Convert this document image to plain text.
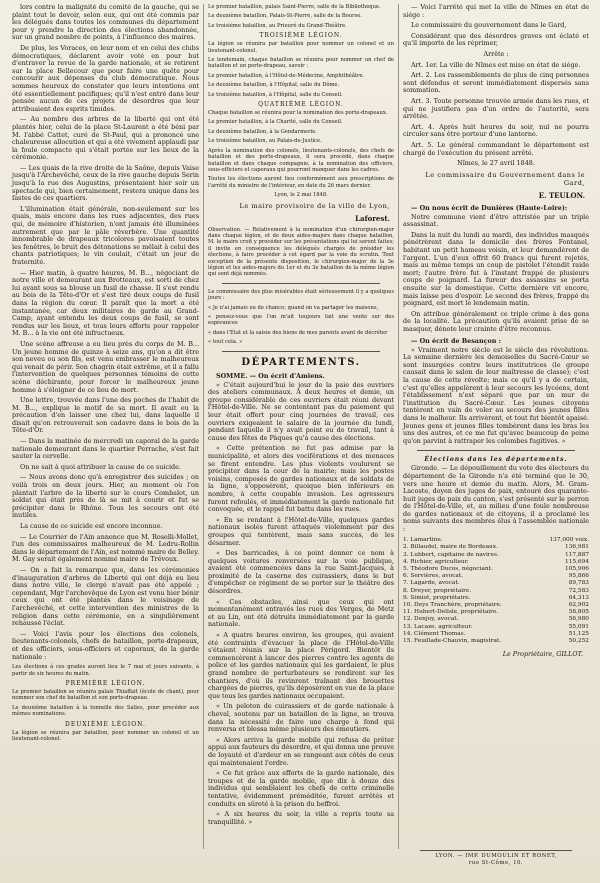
lors contre la malignité du comité de la gauche, qui se plaint tout le devoir, selon eux, qui ont été commis par les délégués dans toutes les communes du département pour y prendre la direction des élections abandonnée, sur un grand nombre de points, à l'influence des maires.

De plus, les Voraces, en leur nom et en celui des clubs démocratiques, déclarent avoir voté en pour but d'entraver la revue de la garde nationale, et se retirent sur la place Bellecour que pour faire une quête pour concourir aux dépenses du club démocratique. Nous sommes heureux de constater que leurs intentions ont été essentiellement pacifiques; qu'il n'est entré dans leur pensée aucun de ces projets de désordres que leur attribuaient des esprits timides.

— Au nombre des arbres de la liberté qui ont été plantés hier, celui de la place St-Laurent a été béni par M. l'abbé Cattet, curé de St-Paul, qui a prononcé une chaleureuse allocution et qui a été vivement applaudi par la foule compacte qui s'était portée sur les lieux de la cérémonie.

— Les quais de la rive droite de la Saône, depuis Vaise jusqu'à l'Archevêché, ceux de la rive gauche depuis Serin jusqu'à la rue des Augustins, présentaient hier soir un spectacle qui, bien certainement, restera unique dans les fastes de ces quartiers.

L'illumination était générale, non-seulement sur les quais, mais encore dans les rues adjacentes, des rues qui, de mémoire d'historien, n'ont jamais été illuminées autrement que par le pâle réverbère. Une quantité innombrable de drapeaux tricolores pavoisaient toutes les fenêtres, le bruit des détonations se mêlait à celui des chants patriotiques; le vin coulait, c'était un jour de fraternité.

— Hier matin, à quatre heures, M. B..., négociant de notre ville et demeurant aux Brotteaux, est sorti de chez lui ayant sous sa blouse un fusil de chasse. Il s'est rendu au bois de la Tête-d'Or et s'est tiré deux coups de fusil dans la région du cœur. Il paraît que la mort a été instantanée, car deux militaires de garde au Grand-Camp, ayant entendu les deux coups de fusil, se sont rendus sur les lieux, et tous leurs efforts pour rappeler M. B... à la vie ont été infructueux.

Une scène affreuse a eu lieu près du corps de M. B... Un jeune homme de quinze à seize ans, qu'on a dit être son neveu ou son fils, est venu embrasser le malheureux qui venait de périr. Son chagrin était extrême, et il a fallu l'intervention de quelques personnes témoins de cette scène déchirante, pour forcer le malheureux jeune homme à s'éloigner de ce lieu de mort.

Une lettre, trouvée dans l'une des poches de l'habit de M. B..., explique le motif de sa mort. Il avait eu la précaution d'en laisser une chez lui, dans laquelle il disait qu'on retrouverait son cadavre dans le bois de la Tête-d'Or.

— Dans la matinée de mercredi un caporal de la garde nationale demeurant dans le quartier Perrache, s'est fait sauter la cervelle.

On ne sait à quoi attribuer la cause de ce suicide.

— Nous avons donc qu'à enregistrer des suicides ; on voilà trois en deux jours. Hier, au moment où l'on plantait l'arbre de la liberté sur le cours Combalot, un soldat qui était près de là se mit à courir et fut se précipiter dans le Rhône. Tous les secours ont été inutiles.

La cause de ce suicide est encore inconnue.

— Le Courrier de l'Ain annonce que M. Roselli-Mollet, l'un des commissaires malheureux de M. Ledru-Rollin dans le département de l'Ain, est nommé maire de Belley. M. Gay serait également nommé maire de Trévoux.

— On a fait la remarque que, dans les cérémonies d'inauguration d'arbres de Liberté qui ont déjà eu lieu dans notre ville, le clergé n'avait pas été appelé ; cependant, Mgr l'archevêque de Lyon est venu hier bénir ceux qui ont été plantés dans le voisinage de l'archevêché, et cette intervention des ministres de la religion dans cette cérémonie, en a singulièrement rehaussé l'éclat.

— Voici l'avis pour les élections des colonels, lieutenants-colonels, chefs de bataillon, porte-drapeaux, et des officiers, sous-officiers et caporaux, de la garde nationale :

Les élections à ces grades auront lieu le 7 mai et jours suivants, à partir de six heures du matin.

PREMIÈRE LÉGION.

Le premier bataillon se réunira palais Thiaffait (école de chant), pour nommer son chef de bataillon et son porte-drapeau.

Le deuxième bataillon à la tonnelle des Salles, pour procéder aux mêmes nominations.

DEUXIÈME LÉGION.

La légion se réunira par bataillon, pour nommer un colonel et un lieutenant-colonel.

Le premier bataillon, palais Saint-Pierre, salle de la Bibliothèque.

Le deuxième bataillon, Palais-St-Pierre, salle de la Bourse.

Le troisième bataillon, au Prieuré du Grand-Théâtre.

TROISIÈME LÉGION.

La légion se réunira par bataillon pour nommer un colonel et un lieutenant-colonel.

Le lendemain, chaque bataillon se réunira pour nommer un chef de bataillon et un porte-drapeau, savoir :

Le premier bataillon, à l'Hôtel-de-Médecine, Amphithéâtre.

Le deuxième bataillon, à l'Hôpital, salle du Dôme.

Le troisième bataillon, à l'Hôpital, salle du Conseil.

QUATRIÈME LÉGION.

Chaque bataillon se réunira pour la nomination des porte-drapeaux.

Le premier bataillon, à la Charité, salle du Conseil.

Le deuxième bataillon, à la Gendarmerie.

Le troisième bataillon, au Palais-de-Justice.

Après la nomination des colonels, lieutenants-colonels, des chefs de bataillon et des porte-drapeaux, il sera procédé, dans chaque bataillon et dans chaque compagnie, à la nomination des officiers, sous-officiers et caporaux qui pourront manquer dans les cadres.

Toutes les élections auront lieu conformément aux prescriptions de l'arrêté du ministre de l'intérieur, en date du 26 mars dernier.

Lyon, le 2 mai 1848.

Le maire provisoire de la ville de Lyon,
Laforest.

Observation. — Relativement à la nomination d'un chirurgien-major dans chaque légion, et de deux aides-majors dans chaque bataillon, M. le maire croit y procéder sur les présentations qui lui seront faites; il invite en conséquence les délégués chargés de présider les élections, à faire procéder à cet égard par la voie du scrutin. Tout exception de la présente disposition, le chirurgien-major de la 3e légion et les aides-majors du 1er et du 3e bataillon de la même légion qui sont déjà nommés.

Le commissaire des plus misérables était sérieusement il y a quelques jours :

« Je n'ai jamais eu de chance; quand on va partager les maisons,

« pensez-vous que l'on m'ait toujours fait une vente sur des espérances

« dans l'État et la saisie des biens de mes parents avant de décréter

« tout cela. »

DÉPARTEMENTS.
SOMME. — On écrit d'Amiens.

« C'était aujourd'hui le jour de la paie des ouvriers des ateliers communaux. A deux heures et demie, un groupe considérable de ces ouvriers était réuni devant l'Hôtel-de-Ville. Ne se contentant pas du paiement qui leur était offert pour cinq journées de travail, ces ouvriers exigeaient le salaire de la journée du lundi, pendant laquelle il n'y avait point eu de travail, tant à cause des fêtes de Pâques qu'à cause des élections.

« Cette prétention ne fut pas admise par la municipalité, et alors des vociférations et des menaces se firent entendre. Les plus violents voulurent se précipiter dans la cour de la mairie; mais les postes voisins, composés de gardes nationaux et de soldats de la ligne, s'opposèrent, quoique bien inférieurs en nombre, à cette coupable invasion. Les agresseurs furent refoulés, et immédiatement la garde nationale fut convoquée, et le rappel fut battu dans les rues.

« En se rendant à l'Hôtel-de-Ville, quelques gardes nationaux isolés furent attaqués violemment par des groupes qui tentèrent, mais sans succès, de les désarmer.

« Des barricades, à ce point donner ce nom à quelques voitures renversées sur la voie publique, avaient été commencées dans la rue Saint-Jacques, à proximité de la caserne des cuirassiers, dans le but d'empêcher ce régiment de se porter sur le théâtre des désordres.

« Ces obstacles, ainsi que ceux qui ont momentanément entravés les rues des Verges, de Metz et au Lin, ont été détruits immédiatement par la garde nationale.

« A quatre heures environ, les groupes, qui avaient été contraints d'évacuer la place de l'Hôtel-de-Ville s'étaient réunis sur la place Périgord. Bientôt ils commencèrent à lancer des pierres contre les agents de police et les gardes nationaux qui les gardaient, le plus grand nombre de perturbateurs se rendirent sur les chantiers, d'où ils revinrent traînant des brouettes chargées de pierres, qu'ils déposèrent en vue de la place que tous les gardes nationaux occupaient.

« Un peloton de cuirassiers et de garde nationale à cheval, soutenu par un bataillon de la ligne, se trouva dans la nécessité de faire une charge à fond qui renversa et blessa même plusieurs des émeutiers.

« Alors arriva la garde mobile qui refusa de prêter appui aux fauteurs du désordre, et qui donna une preuve de loyauté et d'ardeur en se rangeant aux côtés de ceux qui maintenaient l'ordre.

« Ce fut grâce aux efforts de la garde nationale, des troupes et de la garde mobile, que dix à douze des individus qui semblaient les chefs de cette criminelle tentative, évidemment préméditée, furent arrêtés et conduits en sûreté à la prison du beffroi.

« A six heures du soir, la ville a repris toute sa tranquillité. »

— Voici l'arrêté qui met la ville de Nîmes en état de siége :

Le commissaire du gouvernement dans le Gard,

Considérant que des désordres graves ont éclaté et qu'il importe de les réprimer,

Arrête :

Art. 1er. La ville de Nîmes est mise en état de siége.

Art. 2. Les rassemblements de plus de cinq personnes sont défendus et seront immédiatement dispersés sans sommation.

Art. 3. Toute personne trouvée armée dans les rues, et qui ne justifiera pas d'un ordre de l'autorité, sera arrêtée.

Art. 4. Après huit heures du soir, nul ne pourra circuler sans être porteur d'une lanterne.

Art. 5. Le général commandant le département est chargé de l'exécution du présent arrêté.

Nîmes, le 27 avril 1848.

Le commissaire du Gouvernement dans le Gard,
E. TEULON.
— On nous écrit de Dunières (Haute-Loire):

Notre commune vient d'être attristée par un triple assassinat.

Dans la nuit du lundi au mardi, des individus masqués pénétrèrent dans le domicile des frères Fontanel, habitant un petit hameau voisin, et leur demandèrent de l'argent. L'un d'eux offrit 60 francs qui furent rejetés, mais au même temps un coup de pistolet l'étendit raide mort; l'autre frère fut à l'instant frappé de plusieurs coups de poignard. La fureur des assassins se porta ensuite sur la domestique. Cette dernière vit encore, mais laisse peu d'espoir. Le second des frères, frappé du poignard, est mort le lendemain matin.

On attribue généralement ce triple crime à des gens de la localité. La précaution qu'ils avaient prise de se masquer, dénote leur crainte d'être reconnus.

— On écrit de Besançon :

« Vraiment notre siècle est le siècle des révolutions. La semaine dernière les demoiselles du Sacré-Cœur se sont insurgées contre leurs institutrices (le groupe causait dans le salon de leur maîtresse de classe); c'est la cause de cette révolte; mais ce qu'il y a de certain, c'est qu'elles appelèrent à leur secours les lycéens, dont l'établissement n'est séparé que par un mur de l'institution du Sacré-Cœur. Les jeunes citoyens tentèrent en vain de voler au secours des jeunes filles dans le malheur. Ils arrivèrent, et tout fut bientôt apaisé. Jeunes gens et jeunes filles tombèrent dans les bras les uns des autres, et ce me fut qu'avec beaucoup de peine qu'on parvint à rattraper les colombes fugitives. »

Élections dans les départements.

Gironde. — Le dépouillement du vote des électeurs du département de la Gironde n'a été terminé que le 30, vers une heure et demie du matin. Alors, M. Gram-Lacoste, doyen des juges de paix, entouré des quarante-huit juges de paix du canton, s'est présenté sur le perron de l'Hôtel-de-Ville, et, au milieu d'une foule nombreuse de gardes nationaux et de citoyens, il a proclamé les noms suivants des membres élus à l'assemblée nationale :

1. Lamartine.	137,000 voix.
2. Billaudel, maire de Bordeaux.	136,981
3. Lubbert, capitaine de navires.	117,887
4. Richier, agriculteur.	115,694
5. Théodore Ducos, négociant.	105,906
6. Servières, avocat.	95,866
7. Lagarde, avocat.	89,783
8. Dreyer, propriétaire.	72,583
9. Simiot, propriétaire.	64,313
10. Deys Tranchère, propriétaire.	62,902
11. Hubert-Delisle, propriétaire.	58,805
12. Denjoy, avocat.	56,980
13. Lacaze, agriculteur.	55,091
14. Clément Thomas.	51,125
15. Feuillade-Chauvin, magistrat.	50,252
Le Propriétaire, GILLOT.
LYON. — IMP. DUMOULIN ET RONET,
rue St-Côme, 10.
